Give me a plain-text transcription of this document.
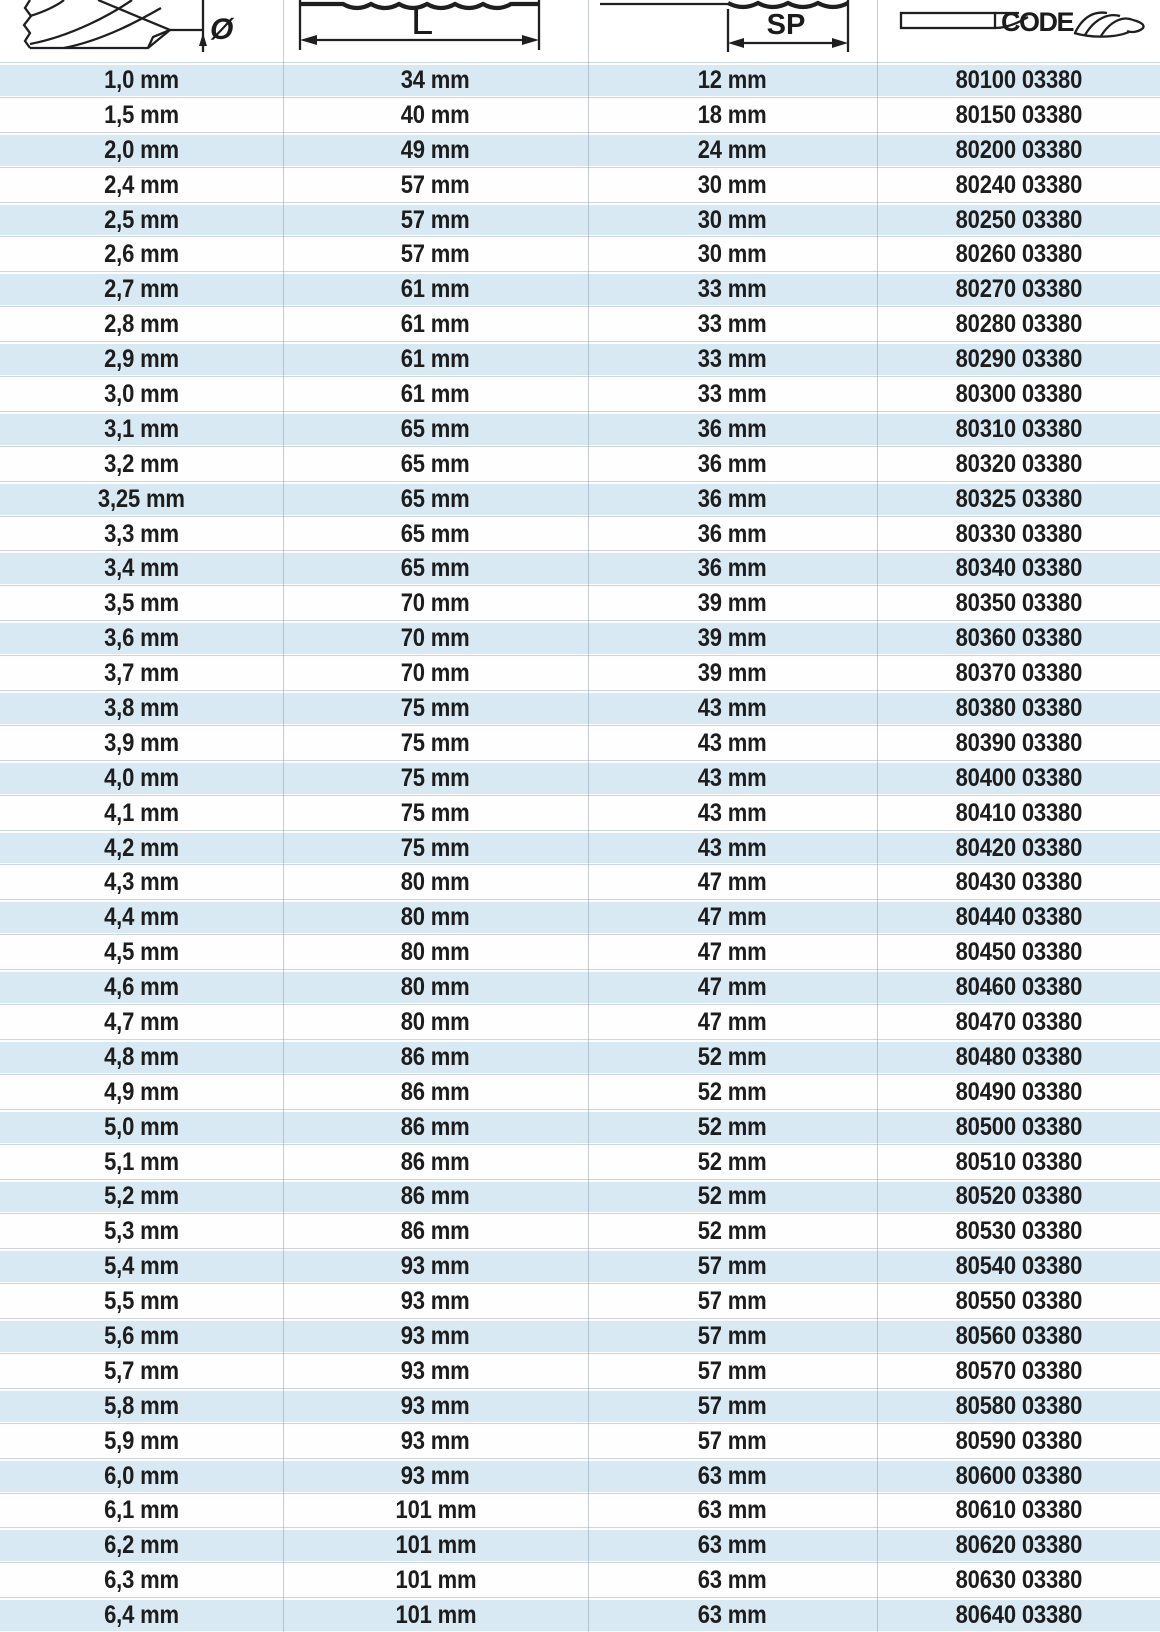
Ø	L	SP	CODE
1,0 mm	34 mm	12 mm	80100 03380
1,5 mm	40 mm	18 mm	80150 03380
2,0 mm	49 mm	24 mm	80200 03380
2,4 mm	57 mm	30 mm	80240 03380
2,5 mm	57 mm	30 mm	80250 03380
2,6 mm	57 mm	30 mm	80260 03380
2,7 mm	61 mm	33 mm	80270 03380
2,8 mm	61 mm	33 mm	80280 03380
2,9 mm	61 mm	33 mm	80290 03380
3,0 mm	61 mm	33 mm	80300 03380
3,1 mm	65 mm	36 mm	80310 03380
3,2 mm	65 mm	36 mm	80320 03380
3,25 mm	65 mm	36 mm	80325 03380
3,3 mm	65 mm	36 mm	80330 03380
3,4 mm	65 mm	36 mm	80340 03380
3,5 mm	70 mm	39 mm	80350 03380
3,6 mm	70 mm	39 mm	80360 03380
3,7 mm	70 mm	39 mm	80370 03380
3,8 mm	75 mm	43 mm	80380 03380
3,9 mm	75 mm	43 mm	80390 03380
4,0 mm	75 mm	43 mm	80400 03380
4,1 mm	75 mm	43 mm	80410 03380
4,2 mm	75 mm	43 mm	80420 03380
4,3 mm	80 mm	47 mm	80430 03380
4,4 mm	80 mm	47 mm	80440 03380
4,5 mm	80 mm	47 mm	80450 03380
4,6 mm	80 mm	47 mm	80460 03380
4,7 mm	80 mm	47 mm	80470 03380
4,8 mm	86 mm	52 mm	80480 03380
4,9 mm	86 mm	52 mm	80490 03380
5,0 mm	86 mm	52 mm	80500 03380
5,1 mm	86 mm	52 mm	80510 03380
5,2 mm	86 mm	52 mm	80520 03380
5,3 mm	86 mm	52 mm	80530 03380
5,4 mm	93 mm	57 mm	80540 03380
5,5 mm	93 mm	57 mm	80550 03380
5,6 mm	93 mm	57 mm	80560 03380
5,7 mm	93 mm	57 mm	80570 03380
5,8 mm	93 mm	57 mm	80580 03380
5,9 mm	93 mm	57 mm	80590 03380
6,0 mm	93 mm	63 mm	80600 03380
6,1 mm	101 mm	63 mm	80610 03380
6,2 mm	101 mm	63 mm	80620 03380
6,3 mm	101 mm	63 mm	80630 03380
6,4 mm	101 mm	63 mm	80640 03380
